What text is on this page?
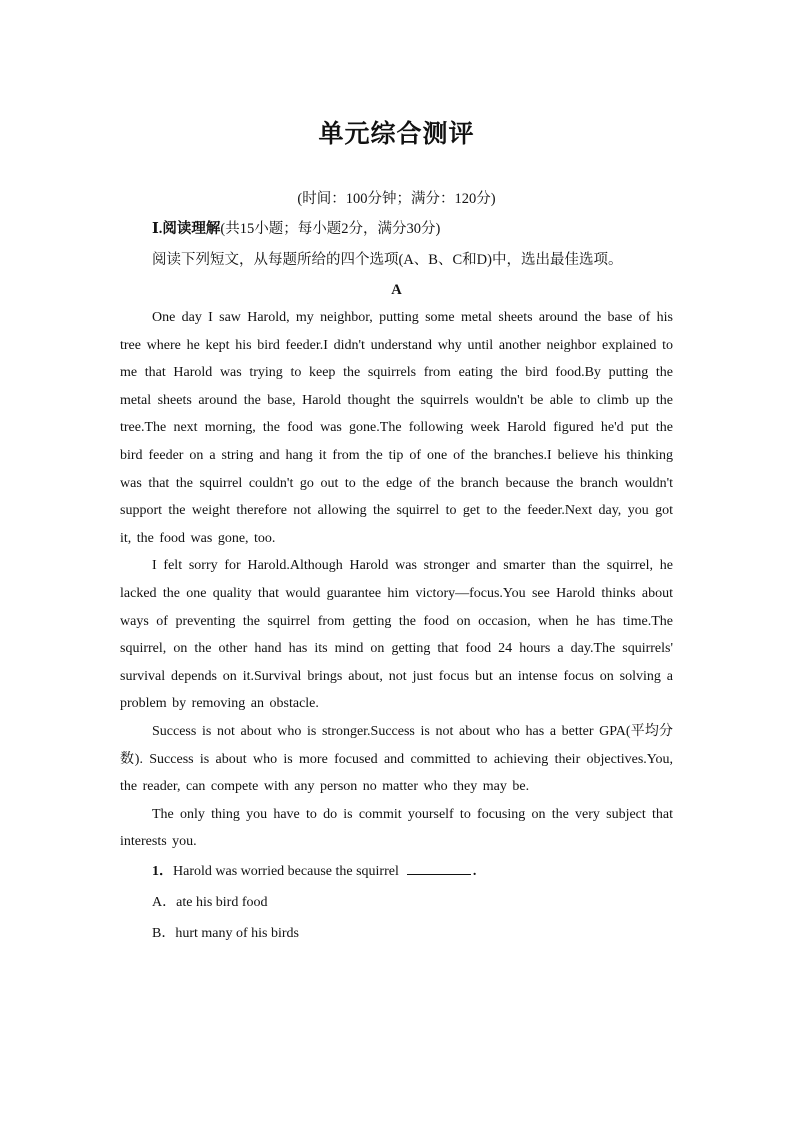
单元综合测评

(时间：100分钟；满分：120分)

Ⅰ.阅读理解(共15小题；每小题2分，满分30分)

阅读下列短文，从每题所给的四个选项(A、B、C和D)中，选出最佳选项。

A

One day I saw Harold, my neighbor, putting some metal sheets around the base of his tree where he kept his bird feeder.I didn't understand why until another neighbor explained to me that Harold was trying to keep the squirrels from eating the bird food.By putting the metal sheets around the base, Harold thought the squirrels wouldn't be able to climb up the tree.The next morning, the food was gone.The following week Harold figured he'd put the bird feeder on a string and hang it from the tip of one of the branches.I believe his thinking was that the squirrel couldn't go out to the edge of the branch because the branch wouldn't support the weight therefore not allowing the squirrel to get to the feeder.Next day, you got it, the food was gone, too.

I felt sorry for Harold.Although Harold was stronger and smarter than the squirrel, he lacked the one quality that would guarantee him victory—focus.You see Harold thinks about ways of preventing the squirrel from getting the food on occasion, when he has time.The squirrel, on the other hand has its mind on getting that food 24 hours a day.The squirrels' survival depends on it.Survival brings about, not just focus but an intense focus on solving a problem by removing an obstacle.

Success is not about who is stronger.Success is not about who has a better GPA(平均分数). Success is about who is more focused and committed to achieving their objectives.You, the reader, can compete with any person no matter who they may be.

The only thing you have to do is commit yourself to focusing on the very subject that interests you.

1．Harold was worried because the squirrel	.

A．ate his bird food

B．hurt many of his birds
